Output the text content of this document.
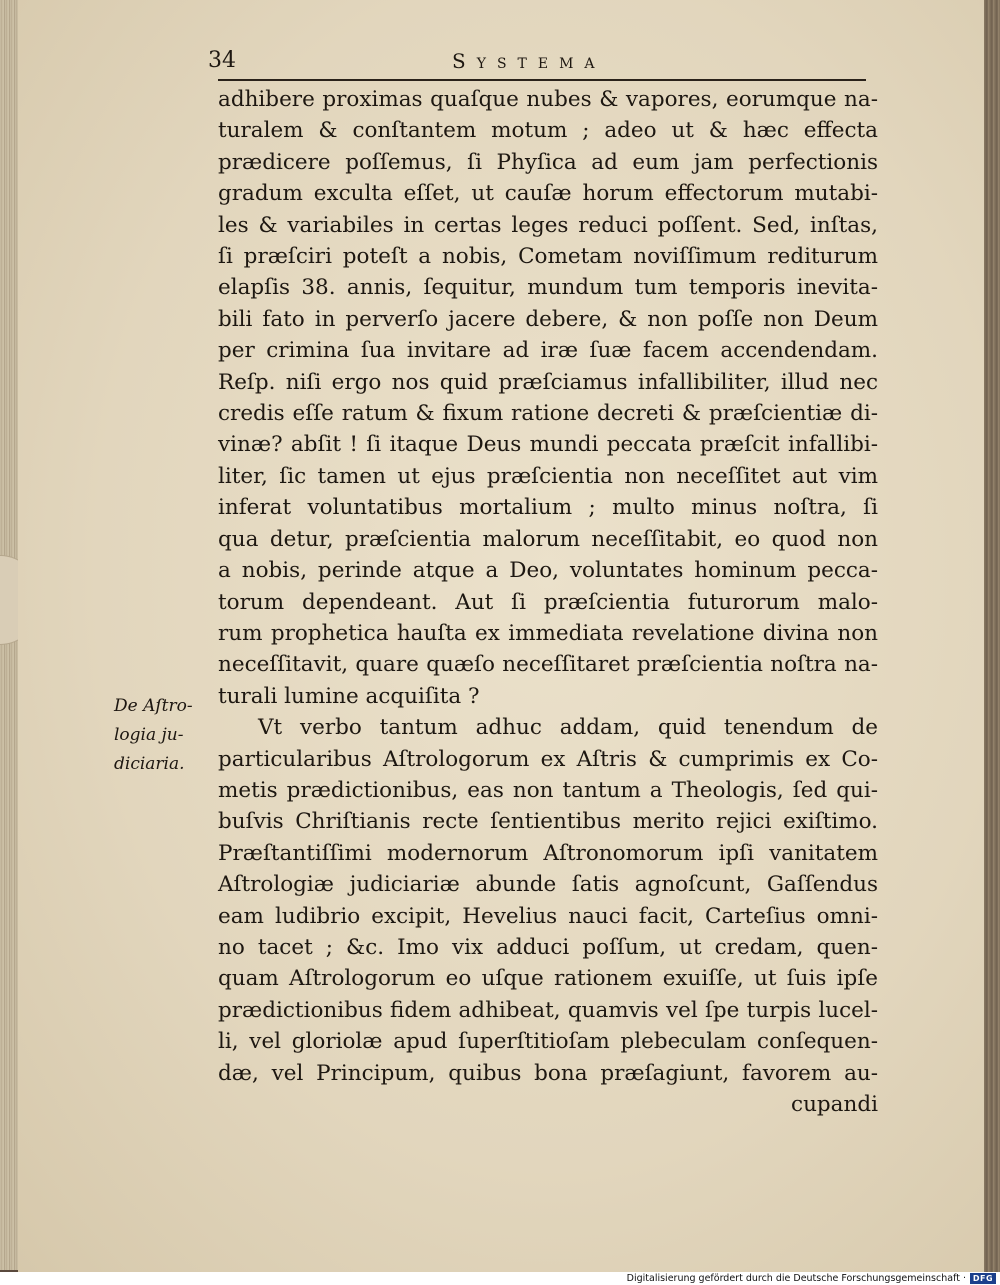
34	Systema
De Aſtro-
logia ju-
diciaria.
adhibere proximas quaſque nubes & vapores, eorumque na-
turalem & conſtantem motum ; adeo ut & hæc effecta
prædicere poſſemus, ſi Phyſica ad eum jam perfectionis
gradum exculta eſſet, ut cauſæ horum effectorum mutabi-
les & variabiles in certas leges reduci poſſent. Sed, inſtas,
ſi præſciri poteſt a nobis, Cometam noviſſimum rediturum
elapſis 38. annis, ſequitur, mundum tum temporis inevita-
bili fato in perverſo jacere debere, & non poſſe non Deum
per crimina ſua invitare ad iræ ſuæ facem accendendam.
Reſp. niſi ergo nos quid præſciamus infallibiliter, illud nec
credis eſſe ratum & fixum ratione decreti & præſcientiæ di-
vinæ? abſit ! ſi itaque Deus mundi peccata præſcit infallibi-
liter, ſic tamen ut ejus præſcientia non neceſſitet aut vim
inferat voluntatibus mortalium ; multo minus noſtra, ſi
qua detur, præſcientia malorum neceſſitabit, eo quod non
a nobis, perinde atque a Deo, voluntates hominum pecca-
torum dependeant. Aut ſi præſcientia futurorum malo-
rum prophetica hauſta ex immediata revelatione divina non
neceſſitavit, quare quæſo neceſſitaret præſcientia noſtra na-
turali lumine acquiſita ?
Vt verbo tantum adhuc addam, quid tenendum de
particularibus Aſtrologorum ex Aſtris & cumprimis ex Co-
metis prædictionibus, eas non tantum a Theologis, ſed qui-
buſvis Chriſtianis recte ſentientibus merito rejici exiſtimo.
Præſtantiſſimi modernorum Aſtronomorum ipſi vanitatem
Aſtrologiæ judiciariæ abunde ſatis agnoſcunt, Gaſſendus
eam ludibrio excipit, Hevelius nauci facit, Carteſius omni-
no tacet ; &c. Imo vix adduci poſſum, ut credam, quen-
quam Aſtrologorum eo uſque rationem exuiſſe, ut ſuis ipſe
prædictionibus fidem adhibeat, quamvis vel ſpe turpis lucel-
li, vel gloriolæ apud ſuperſtitioſam plebeculam conſequen-
dæ, vel Principum, quibus bona præſagiunt, favorem au-
cupandi
Digitalisierung gefördert durch die Deutsche Forschungsgemeinschaft · DFG
